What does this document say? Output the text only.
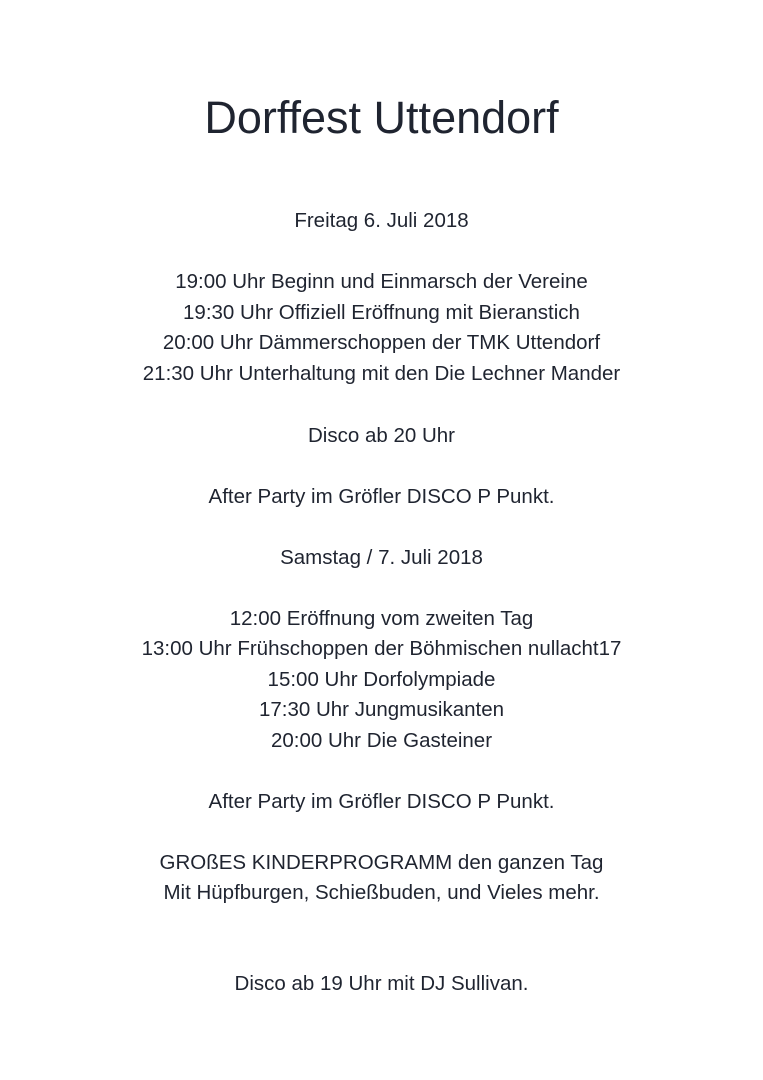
Dorffest Uttendorf
Freitag 6. Juli 2018
19:00 Uhr Beginn und Einmarsch der Vereine
19:30 Uhr Offiziell Eröffnung mit Bieranstich
20:00 Uhr Dämmerschoppen der TMK Uttendorf
21:30 Uhr Unterhaltung mit den Die Lechner Mander
Disco ab 20 Uhr
After Party im Gröfler DISCO P Punkt.
Samstag / 7. Juli 2018
12:00 Eröffnung vom zweiten Tag
13:00 Uhr Frühschoppen der Böhmischen nullacht17
15:00 Uhr Dorfolympiade
17:30 Uhr Jungmusikanten
20:00 Uhr Die Gasteiner
After Party im Gröfler DISCO P Punkt.
GROßES KINDERPROGRAMM den ganzen Tag
Mit Hüpfburgen, Schießbuden, und Vieles mehr.
Disco ab 19 Uhr mit DJ Sullivan.
